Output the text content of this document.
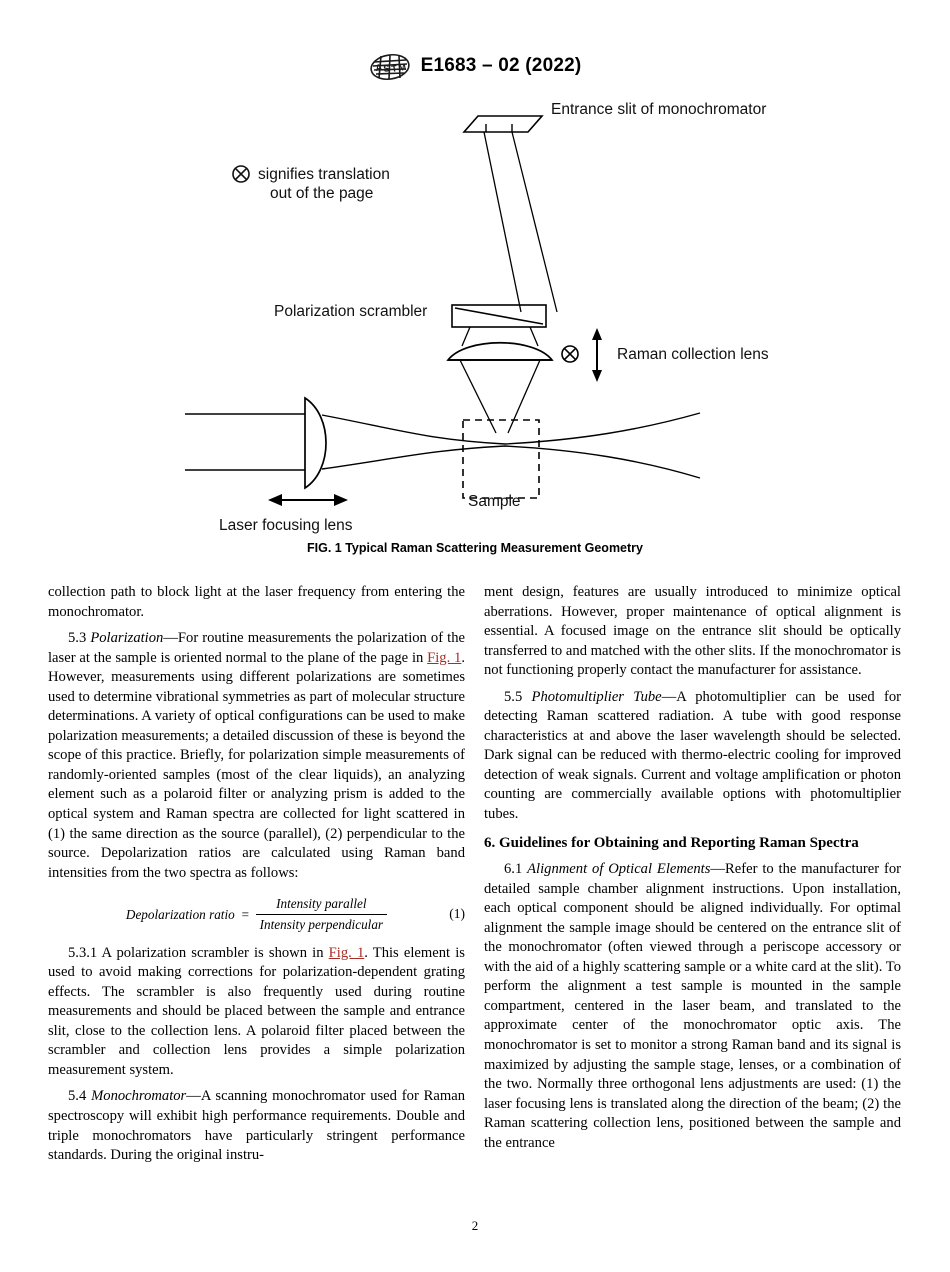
A S T M E1683 – 02 (2022)
Entrance slit of monochromator
signifies translation
out of the page
Polarization scrambler
Raman collection lens
Sample
Laser focusing lens
FIG. 1 Typical Raman Scattering Measurement Geometry

collection path to block light at the laser frequency from entering the monochromator.

5.3 Polarization—For routine measurements the polarization of the laser at the sample is oriented normal to the plane of the page in Fig. 1. However, measurements using different polarizations are sometimes used to determine vibrational symmetries as part of molecular structure determinations. A variety of optical configurations can be used to make polarization measurements; a detailed discussion of these is beyond the scope of this practice. Briefly, for polarization simple measurements of randomly-oriented samples (most of the clear liquids), an analyzing element such as a polaroid filter or analyzing prism is added to the optical system and Raman spectra are collected for light scattered in (1) the same direction as the source (parallel), (2) perpendicular to the source. Depolarization ratios are calculated using Raman band intensities from the two spectra as follows:

Depolarization ratio = $\frac{\text{Intensity parallel}}{\text{Intensity perpendicular}}$	(1)

5.3.1 A polarization scrambler is shown in Fig. 1. This element is used to avoid making corrections for polarization-dependent grating effects. The scrambler is also frequently used during routine measurements and should be placed between the sample and entrance slit, close to the collection lens. A polaroid filter placed between the scrambler and collection lens provides a simple polarization measurement system.

5.4 Monochromator—A scanning monochromator used for Raman spectroscopy will exhibit high performance requirements. Double and triple monochromators have particularly stringent performance standards. During the original instru-

ment design, features are usually introduced to minimize optical aberrations. However, proper maintenance of optical alignment is essential. A focused image on the entrance slit should be optically transferred to and matched with the other slits. If the monochromator is not functioning properly contact the manufacturer for assistance.

5.5 Photomultiplier Tube—A photomultiplier can be used for detecting Raman scattered radiation. A tube with good response characteristics at and above the laser wavelength should be selected. Dark signal can be reduced with thermo-electric cooling for improved detection of weak signals. Current and voltage amplification or photon counting are commercially available options with photomultiplier tubes.

6. Guidelines for Obtaining and Reporting Raman Spectra

6.1 Alignment of Optical Elements—Refer to the manufacturer for detailed sample chamber alignment instructions. Upon installation, each optical component should be aligned individually. For optimal alignment the sample image should be centered on the entrance slit of the monochromator (often viewed through a periscope accessory or with the aid of a highly scattering sample or a white card at the slit). To perform the alignment a test sample is mounted in the sample compartment, centered in the laser beam, and translated to the approximate center of the monochromator optic axis. The monochromator is set to monitor a strong Raman band and its signal is maximized by adjusting the sample stage, lenses, or a combination of the two. Normally three orthogonal lens adjustments are used: (1) the laser focusing lens is translated along the direction of the beam; (2) the Raman scattering collection lens, positioned between the sample and the entrance

2
